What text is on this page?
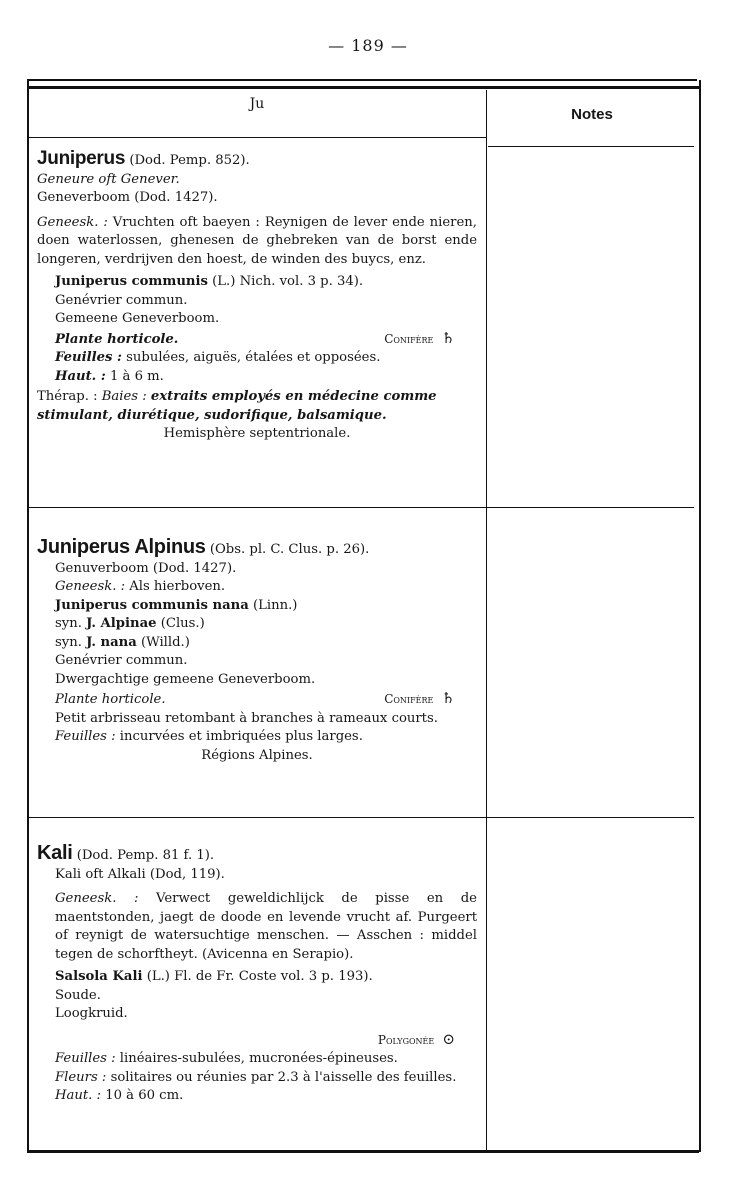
— 189 —
Ju
Notes

Juniperus (Dod. Pemp. 852).

Geneure oft Genever.

Geneverboom (Dod. 1427).

Geneesk. : Vruchten oft baeyen : Reynigen de lever ende nieren, doen waterlossen, ghenesen de ghebreken van de borst ende longeren, verdrijven den hoest, de winden des buycs, enz.

Juniperus communis (L.) Nich. vol. 3 p. 34).

Genévrier commun.

Gemeene Geneverboom.

Plante horticole.	Conifère ♄

Feuilles : subulées, aiguës, étalées et opposées.

Haut. : 1 à 6 m.

Thérap. : Baies : extraits employés en médecine comme

stimulant, diurétique, sudorifique, balsamique.

Hemisphère septentrionale.

Juniperus Alpinus (Obs. pl. C. Clus. p. 26).

Genuverboom (Dod. 1427).

Geneesk. : Als hierboven.

Juniperus communis nana (Linn.)

syn. J. Alpinae (Clus.)

syn. J. nana (Willd.)

Genévrier commun.

Dwergachtige gemeene Geneverboom.

Plante horticole.	Conifère ♄

Petit arbrisseau retombant à branches à rameaux courts.

Feuilles : incurvées et imbriquées plus larges.

Régions Alpines.

Kali (Dod. Pemp. 81 f. 1).

Kali oft Alkali (Dod, 119).

Geneesk. : Verwect geweldichlijck de pisse en de maentstonden, jaegt de doode en levende vrucht af. Purgeert of reynigt de watersuchtige menschen. — Asschen : middel tegen de schorftheyt. (Avicenna en Serapio).

Salsola Kali (L.) Fl. de Fr. Coste vol. 3 p. 193).

Soude.

Loogkruid.

Polygonée ⊙

Feuilles : linéaires-subulées, mucronées-épineuses.

Fleurs : solitaires ou réunies par 2.3 à l'aisselle des feuilles.

Haut. : 10 à 60 cm.
